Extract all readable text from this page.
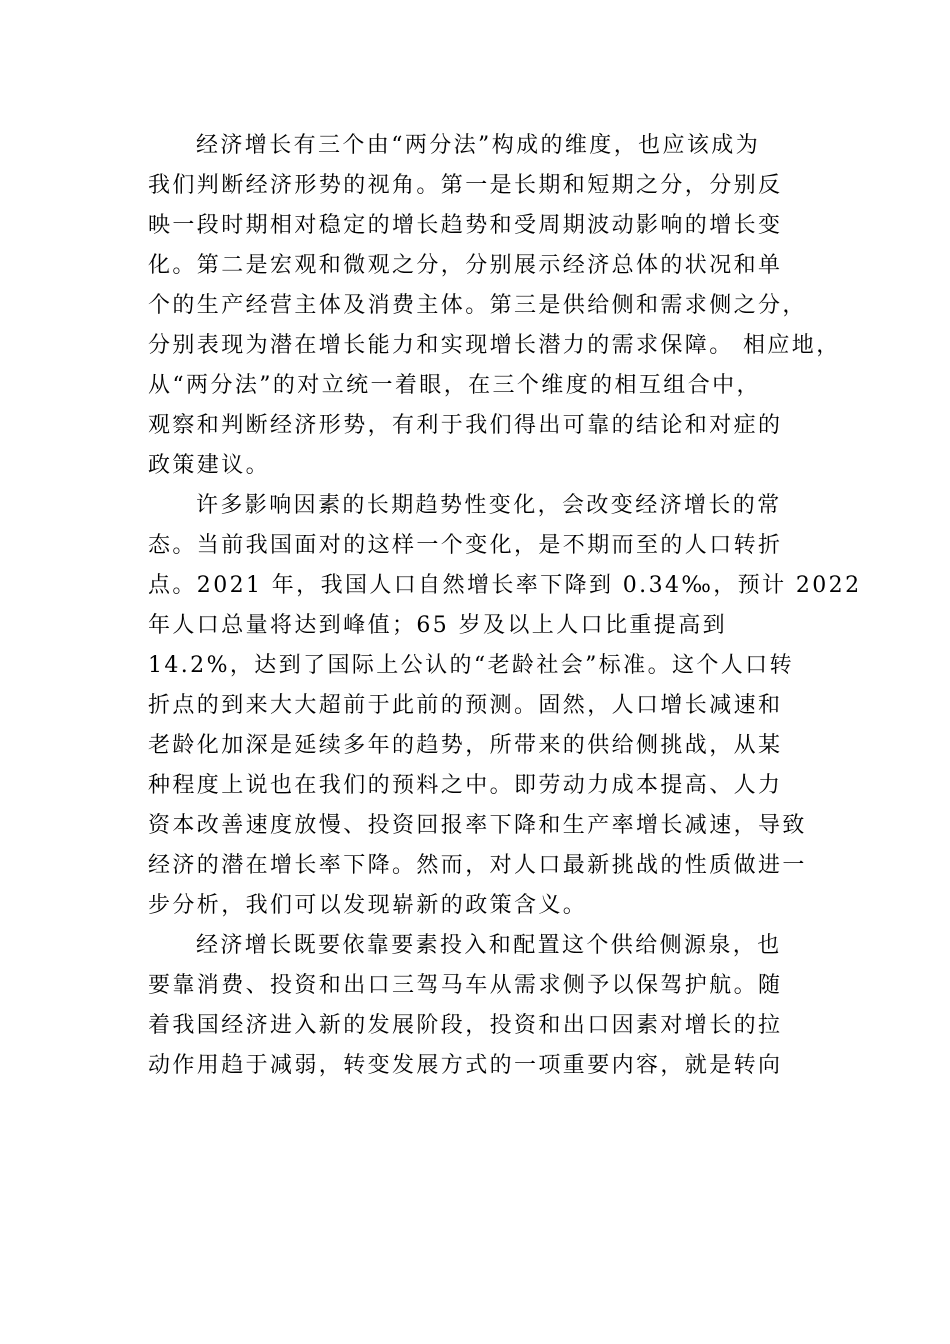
经济增长有三个由“两分法”构成的维度，也应该成为
我们判断经济形势的视角。第一是长期和短期之分，分别反
映一段时期相对稳定的增长趋势和受周期波动影响的增长变
化。第二是宏观和微观之分，分别展示经济总体的状况和单
个的生产经营主体及消费主体。第三是供给侧和需求侧之分，
分别表现为潜在增长能力和实现增长潜力的需求保障。 相应地，
从“两分法”的对立统一着眼，在三个维度的相互组合中，
观察和判断经济形势，有利于我们得出可靠的结论和对症的
政策建议。
许多影响因素的长期趋势性变化，会改变经济增长的常
态。当前我国面对的这样一个变化，是不期而至的人口转折
点。2021 年，我国人口自然增长率下降到 0.34‰，预计 2022
年人口总量将达到峰值；65 岁及以上人口比重提高到
14.2%，达到了国际上公认的“老龄社会”标准。这个人口转
折点的到来大大超前于此前的预测。固然，人口增长减速和
老龄化加深是延续多年的趋势，所带来的供给侧挑战，从某
种程度上说也在我们的预料之中。即劳动力成本提高、人力
资本改善速度放慢、投资回报率下降和生产率增长减速，导致
经济的潜在增长率下降。然而，对人口最新挑战的性质做进一
步分析，我们可以发现崭新的政策含义。
经济增长既要依靠要素投入和配置这个供给侧源泉，也
要靠消费、投资和出口三驾马车从需求侧予以保驾护航。随
着我国经济进入新的发展阶段，投资和出口因素对增长的拉
动作用趋于减弱，转变发展方式的一项重要内容，就是转向
